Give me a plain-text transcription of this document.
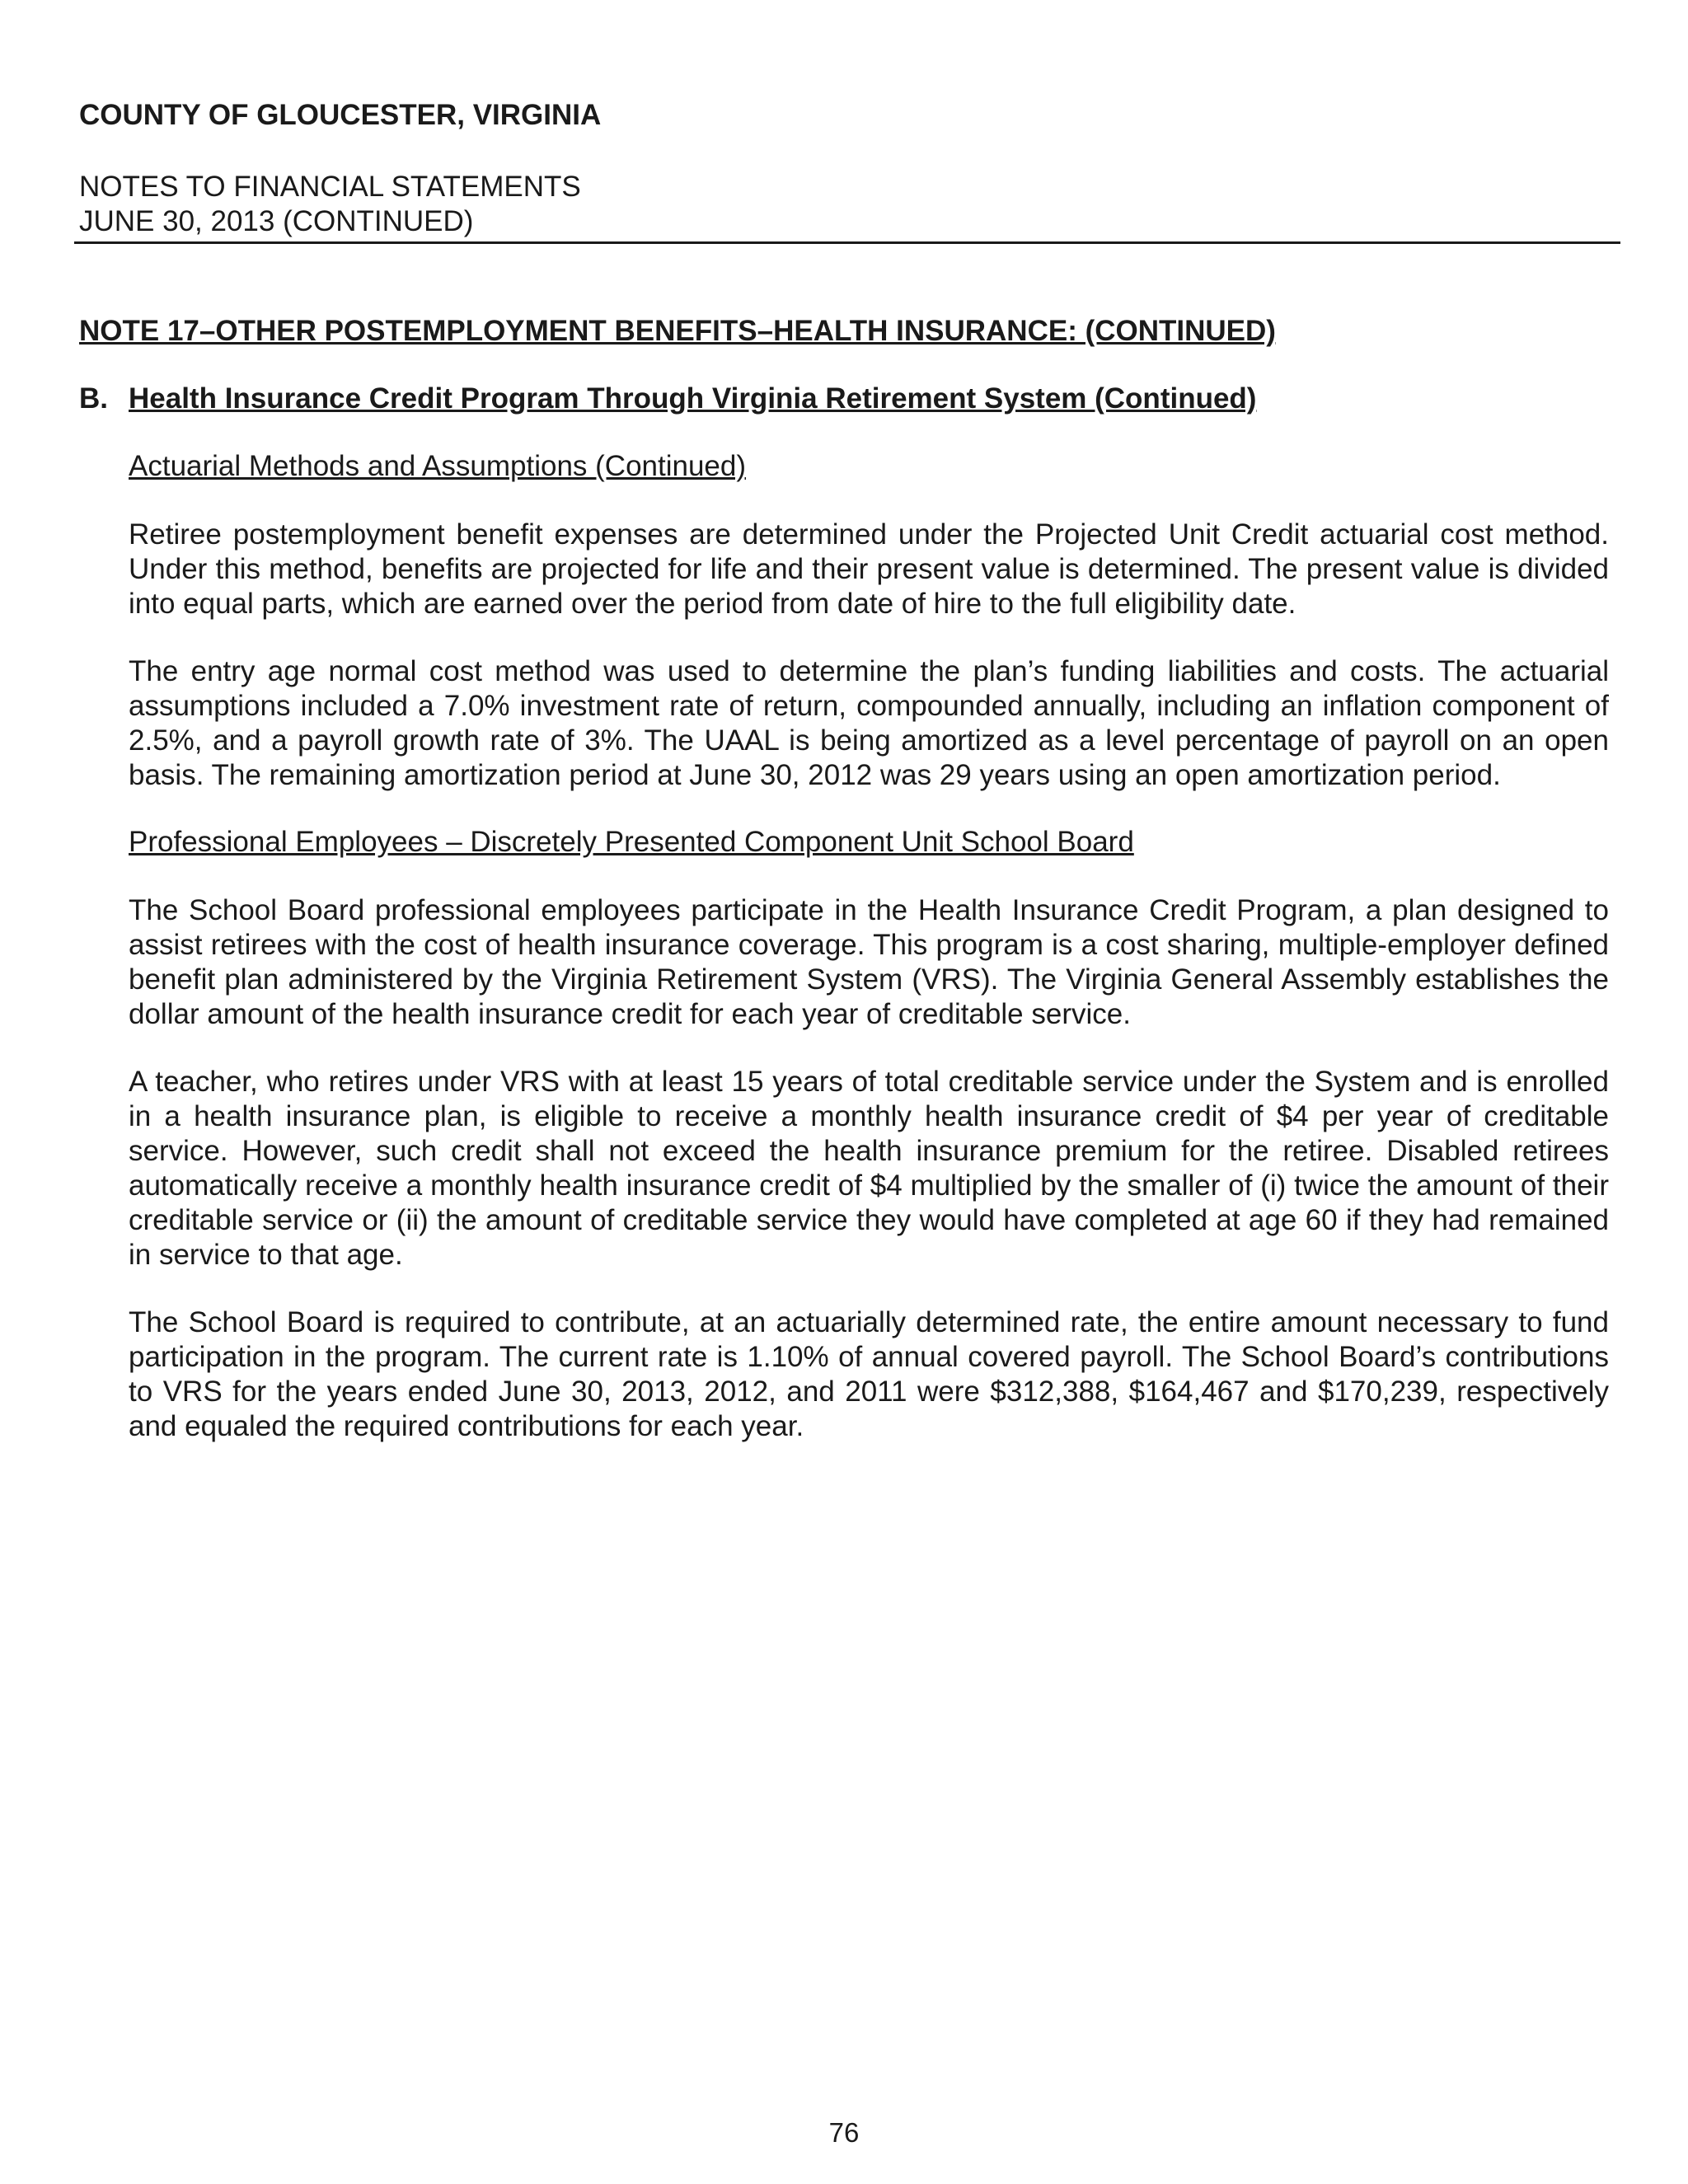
COUNTY OF GLOUCESTER, VIRGINIA

NOTES TO FINANCIAL STATEMENTS

JUNE 30, 2013 (CONTINUED)

NOTE 17–OTHER POSTEMPLOYMENT BENEFITS–HEALTH INSURANCE: (CONTINUED)

B. Health Insurance Credit Program Through Virginia Retirement System (Continued)

Actuarial Methods and Assumptions (Continued)

Retiree postemployment benefit expenses are determined under the Projected Unit Credit actuarial cost method. Under this method, benefits are projected for life and their present value is determined. The present value is divided into equal parts, which are earned over the period from date of hire to the full eligibility date.

The entry age normal cost method was used to determine the plan’s funding liabilities and costs. The actuarial assumptions included a 7.0% investment rate of return, compounded annually, including an inflation component of 2.5%, and a payroll growth rate of 3%. The UAAL is being amortized as a level percentage of payroll on an open basis. The remaining amortization period at June 30, 2012 was 29 years using an open amortization period.

Professional Employees – Discretely Presented Component Unit School Board

The School Board professional employees participate in the Health Insurance Credit Program, a plan designed to assist retirees with the cost of health insurance coverage. This program is a cost sharing, multiple-employer defined benefit plan administered by the Virginia Retirement System (VRS). The Virginia General Assembly establishes the dollar amount of the health insurance credit for each year of creditable service.

A teacher, who retires under VRS with at least 15 years of total creditable service under the System and is enrolled in a health insurance plan, is eligible to receive a monthly health insurance credit of $4 per year of creditable service. However, such credit shall not exceed the health insurance premium for the retiree. Disabled retirees automatically receive a monthly health insurance credit of $4 multiplied by the smaller of (i) twice the amount of their creditable service or (ii) the amount of creditable service they would have completed at age 60 if they had remained in service to that age.

The School Board is required to contribute, at an actuarially determined rate, the entire amount necessary to fund participation in the program. The current rate is 1.10% of annual covered payroll. The School Board’s contributions to VRS for the years ended June 30, 2013, 2012, and 2011 were $312,388, $164,467 and $170,239, respectively and equaled the required contributions for each year.

76
